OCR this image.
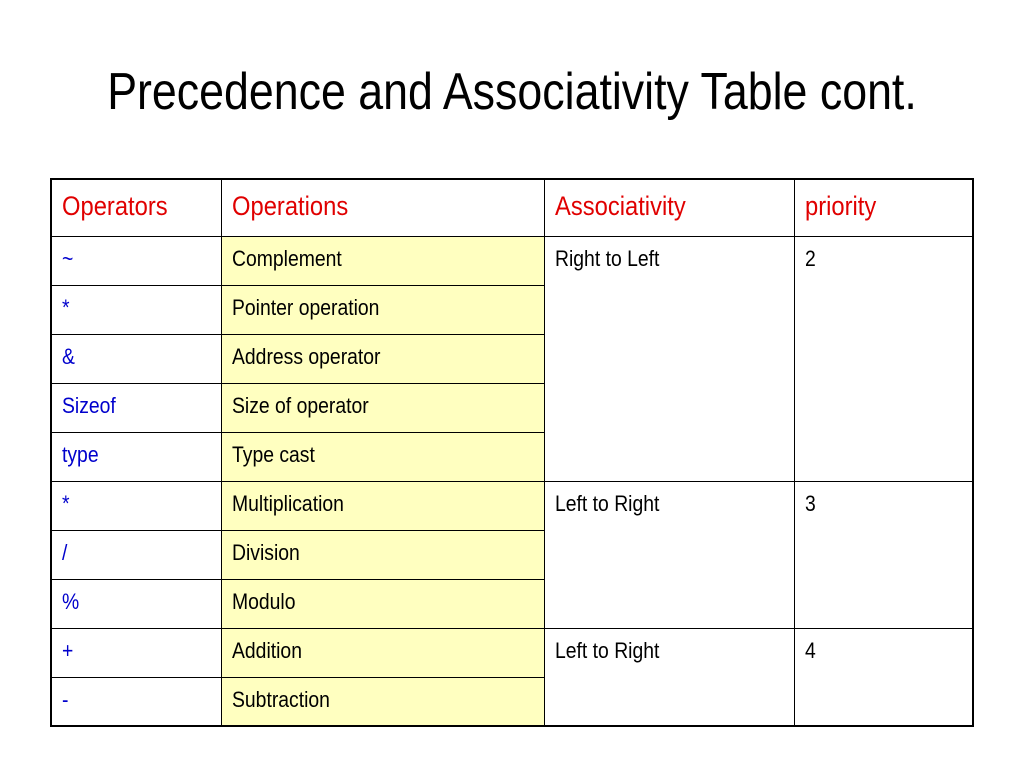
Precedence and Associativity Table cont.
Operators	Operations	Associativity	priority
~	Complement	Right to Left	2
*	Pointer operation		
&	Address operator		
Sizeof	Size of operator		
type	Type cast		
*	Multiplication	Left to Right	3
/	Division		
%	Modulo		
+	Addition	Left to Right	4
-	Subtraction		
